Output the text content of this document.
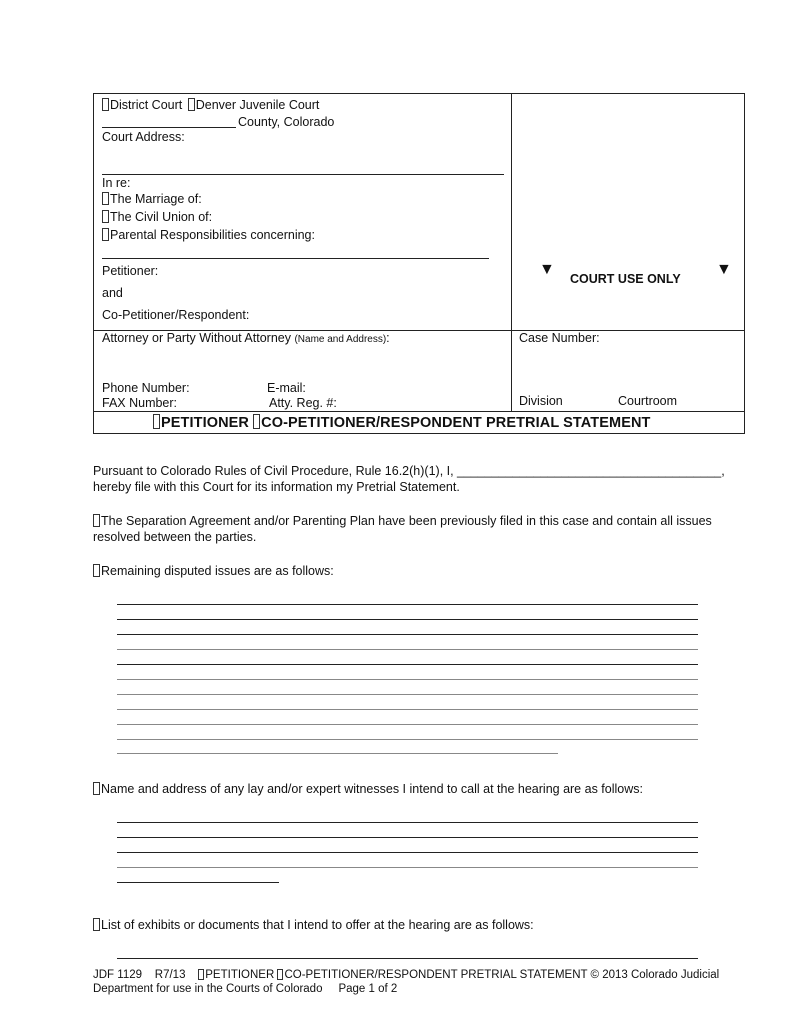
District Court Denver Juvenile Court
County, Colorado
Court Address:
In re:
The Marriage of:
The Civil Union of:
Parental Responsibilities concerning:
Petitioner:
and
Co-Petitioner/Respondent:
▼
COURT USE ONLY
▼
Attorney or Party Without Attorney (Name and Address):
Phone Number:	E-mail:
FAX Number:	Atty. Reg. #:
Case Number:
Division	Courtroom
PETITIONER CO-PETITIONER/RESPONDENT PRETRIAL STATEMENT
Pursuant to Colorado Rules of Civil Procedure, Rule 16.2(h)(1), I, ______________________________________,
hereby file with this Court for its information my Pretrial Statement.
The Separation Agreement and/or Parenting Plan have been previously filed in this case and contain all issues
resolved between the parties.
Remaining disputed issues are as follows:
Name and address of any lay and/or expert witnesses I intend to call at the hearing are as follows:
List of exhibits or documents that I intend to offer at the hearing are as follows:
JDF 1129    R7/13    PETITIONER CO-PETITIONER/RESPONDENT PRETRIAL STATEMENT © 2013 Colorado Judicial
Department for use in the Courts of Colorado     Page 1 of 2
